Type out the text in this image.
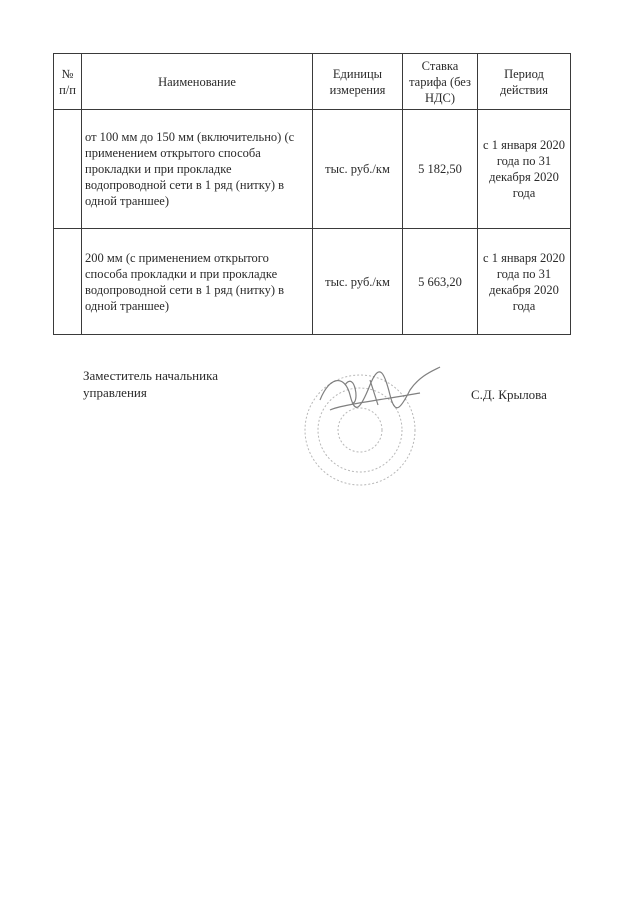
№ п/п	Наименование	Единицы измерения	Ставка тарифа (без НДС)	Период действия
	от 100 мм до 150 мм (включительно) (с применением открытого способа прокладки и при прокладке водопроводной сети в 1 ряд (нитку) в одной траншее)	тыс. руб./км	5 182,50	с 1 января 2020 года по 31 декабря 2020 года
	200 мм (с применением открытого способа прокладки и при прокладке водопроводной сети в 1 ряд (нитку) в одной траншее)	тыс. руб./км	5 663,20	с 1 января 2020 года по 31 декабря 2020 года
Заместитель начальника
управления	С.Д. Крылова
